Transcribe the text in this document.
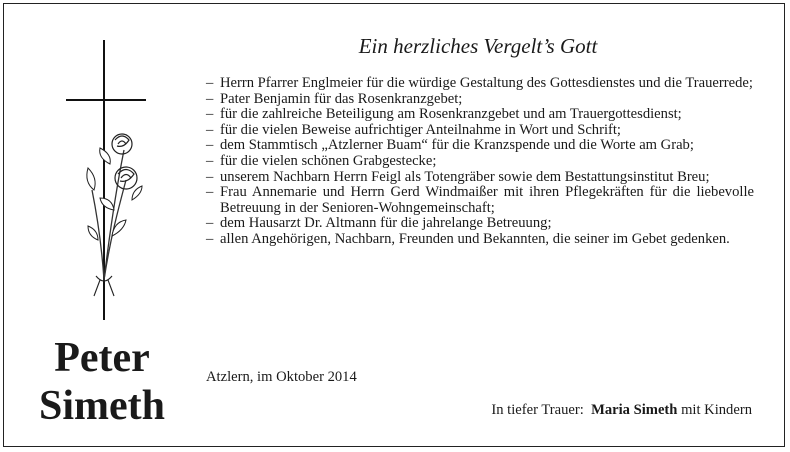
Peter
Simeth
Ein herzliches Vergelt’s Gott
– Herrn Pfarrer Englmeier für die würdige Gestaltung des Gottesdienstes und die Trauerrede;
– Pater Benjamin für das Rosenkranzgebet;
– für die zahlreiche Beteiligung am Rosenkranzgebet und am Trauergottesdienst;
– für die vielen Beweise aufrichtiger Anteilnahme in Wort und Schrift;
– dem Stammtisch „Atzlerner Buam“ für die Kranzspende und die Worte am Grab;
– für die vielen schönen Grabgestecke;
– unserem Nachbarn Herrn Feigl als Totengräber sowie dem Bestattungsinstitut Breu;
– Frau Annemarie und Herrn Gerd Windmaißer mit ihren Pflegekräften für die liebevolle Betreuung in der Senioren-Wohngemeinschaft;
– dem Hausarzt Dr. Altmann für die jahrelange Betreuung;
– allen Angehörigen, Nachbarn, Freunden und Bekannten, die seiner im Gebet gedenken.
Atzlern, im Oktober 2014
In tiefer Trauer: Maria Simeth mit Kindern
